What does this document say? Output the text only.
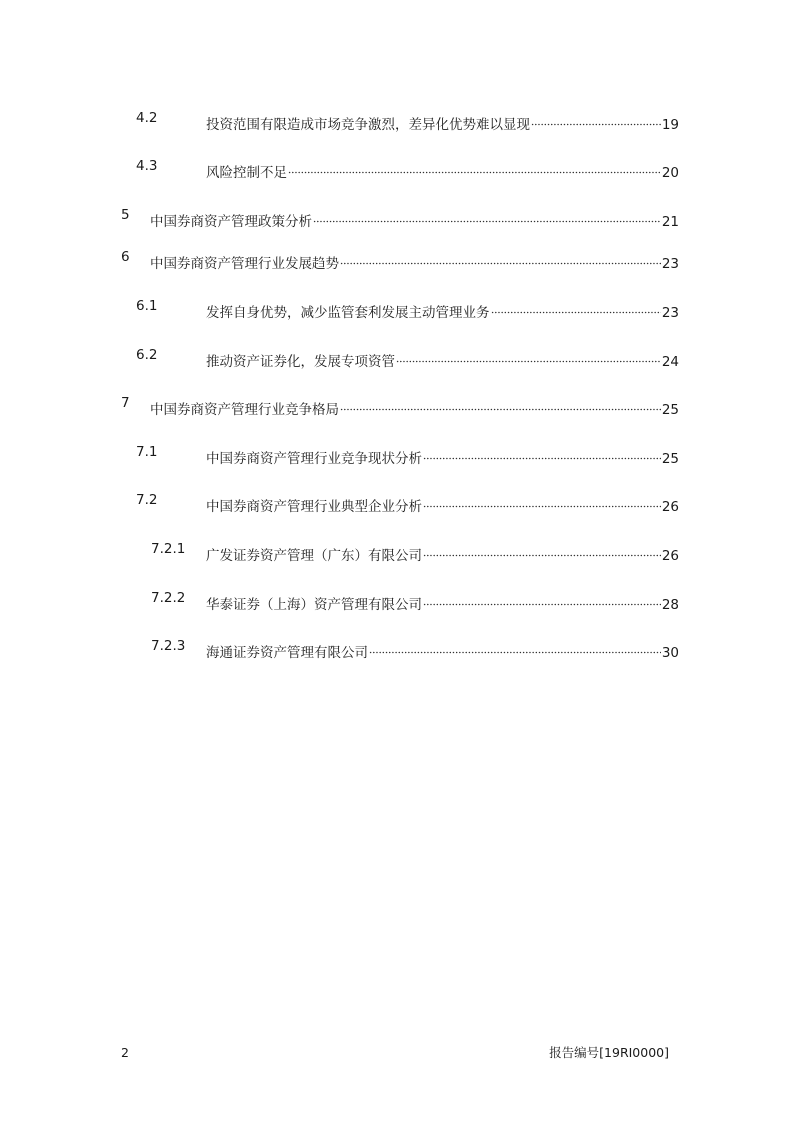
4.2	投资范围有限造成市场竞争激烈，差异化优势难以显现	19
4.3	风险控制不足	20
5 中国券商资产管理政策分析	21
6 中国券商资产管理行业发展趋势	23
6.1	发挥自身优势，减少监管套利发展主动管理业务	23
6.2	推动资产证券化，发展专项资管	24
7 中国券商资产管理行业竞争格局	25
7.1	中国券商资产管理行业竞争现状分析	25
7.2	中国券商资产管理行业典型企业分析	26
7.2.1 广发证券资产管理（广东）有限公司	26
7.2.2 华泰证券（上海）资产管理有限公司	28
7.2.3 海通证券资产管理有限公司	30
2	报告编号[19RI0000]
